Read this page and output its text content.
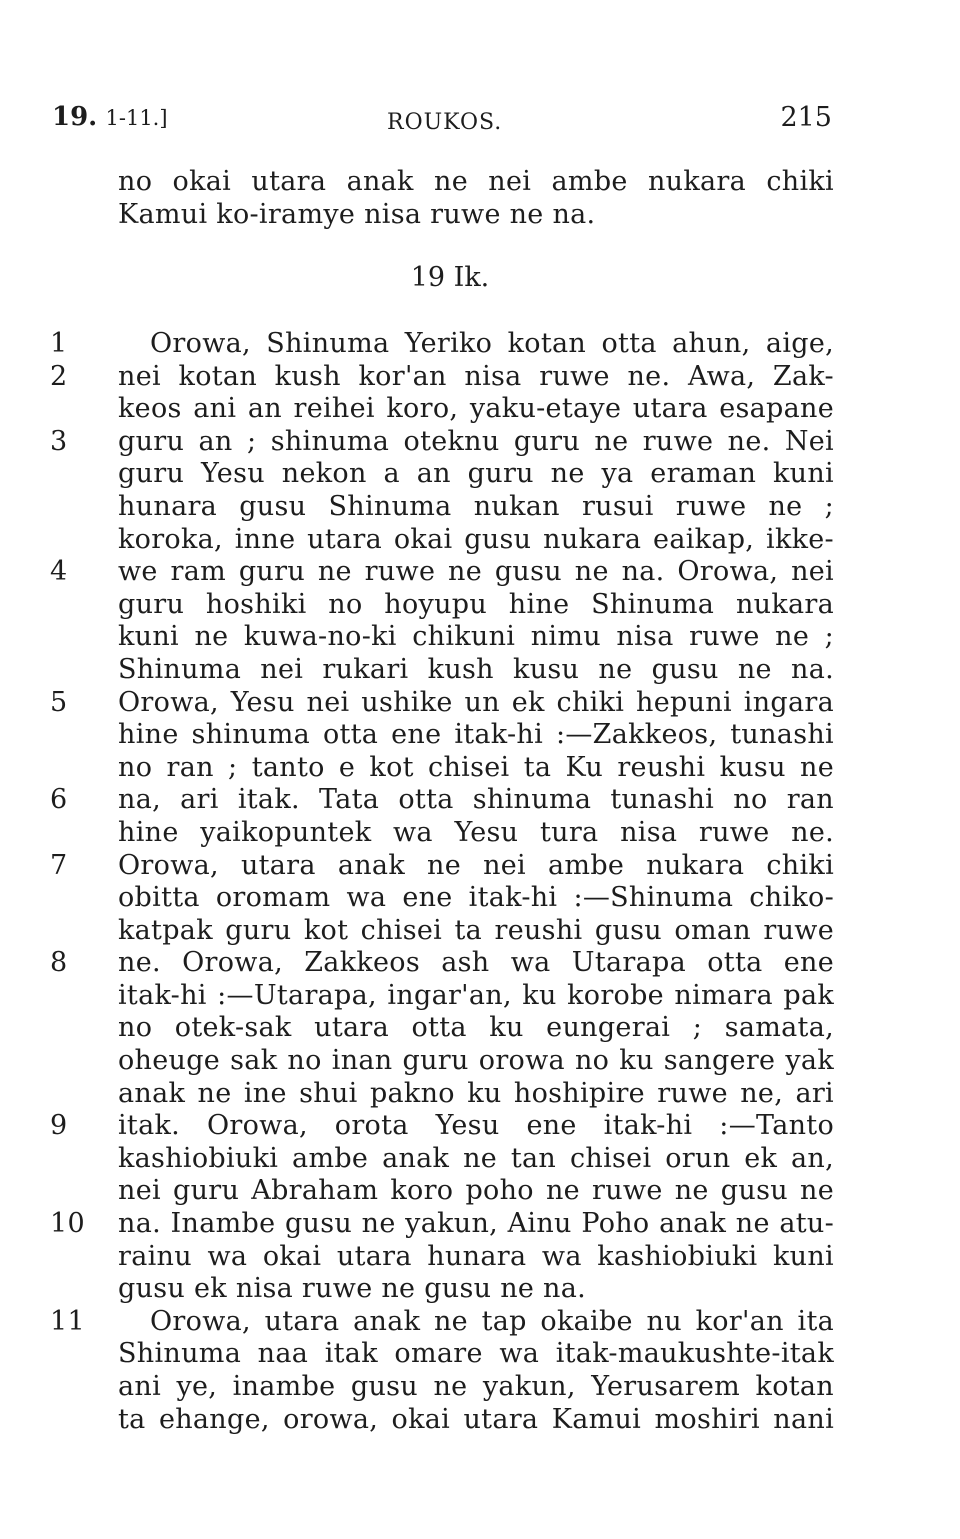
19. 1-11.]	ROUKOS.	215
no okai utara anak ne nei ambe nukara chiki
Kamui ko-iramye nisa ruwe ne na.
19 Ik.
1	Orowa, Shinuma Yeriko kotan otta ahun, aige,
2	nei kotan kush kor'an nisa ruwe ne. Awa, Zak-
keos ani an reihei koro, yaku-etaye utara esapane
3	guru an ; shinuma oteknu guru ne ruwe ne. Nei
guru Yesu nekon a an guru ne ya eraman kuni
hunara gusu Shinuma nukan rusui ruwe ne ;
koroka, inne utara okai gusu nukara eaikap, ikke-
4	we ram guru ne ruwe ne gusu ne na. Orowa, nei
guru hoshiki no hoyupu hine Shinuma nukara
kuni ne kuwa-no-ki chikuni nimu nisa ruwe ne ;
Shinuma nei rukari kush kusu ne gusu ne na.
5	Orowa, Yesu nei ushike un ek chiki hepuni ingara
hine shinuma otta ene itak-hi :—Zakkeos, tunashi
no ran ; tanto e kot chisei ta Ku reushi kusu ne
6	na, ari itak. Tata otta shinuma tunashi no ran
hine yaikopuntek wa Yesu tura nisa ruwe ne.
7	Orowa, utara anak ne nei ambe nukara chiki
obitta oromam wa ene itak-hi :—Shinuma chiko-
katpak guru kot chisei ta reushi gusu oman ruwe
8	ne. Orowa, Zakkeos ash wa Utarapa otta ene
itak-hi :—Utarapa, ingar'an, ku korobe nimara pak
no otek-sak utara otta ku eungerai ; samata,
oheuge sak no inan guru orowa no ku sangere yak
anak ne ine shui pakno ku hoshipire ruwe ne, ari
9	itak. Orowa, orota Yesu ene itak-hi :—Tanto
kashiobiuki ambe anak ne tan chisei orun ek an,
nei guru Abraham koro poho ne ruwe ne gusu ne
10 na. Inambe gusu ne yakun, Ainu Poho anak ne atu-
rainu wa okai utara hunara wa kashiobiuki kuni
gusu ek nisa ruwe ne gusu ne na.
11 Orowa, utara anak ne tap okaibe nu kor'an ita
Shinuma naa itak omare wa itak-maukushte-itak
ani ye, inambe gusu ne yakun, Yerusarem kotan
ta ehange, orowa, okai utara Kamui moshiri nani
